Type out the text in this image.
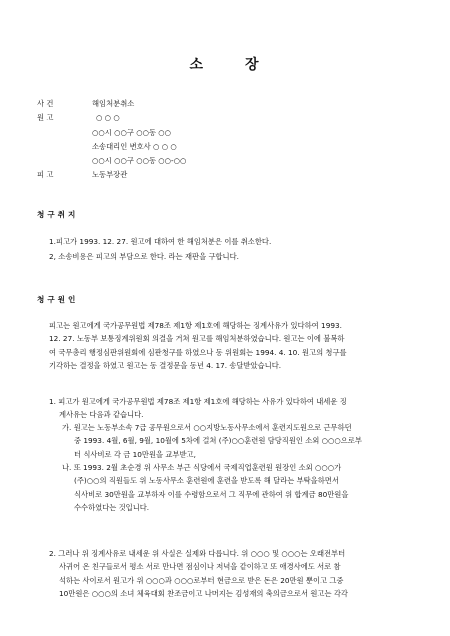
소	장
사 건	해임처분취소
원 고	○ ○ ○
○○시 ○○구 ○○동 ○○
소송대리인 변호사 ○ ○ ○
○○시 ○○구 ○○동 ○○-○○
피 고	노동부장관
청구취지
1.피고가 1993. 12. 27. 원고에 대하여 한 해임처분은 이를 취소한다.
2, 소송비용은 피고의 부담으로 한다. 라는 재판을 구합니다.
청구원인
피고는 원고에게 국가공무원법 제78조 제1항 제1호에 해당하는 징계사유가 있다하여 1993.
12. 27. 노동부 보통징계위원회 의결을 거쳐 원고를 해임처분하였습니다. 원고는 이에 불복하
여 국무총리 행정심판위원회에 심판청구를 하였으나 동 위원회는 1994. 4. 10. 원고의 청구를
기각하는 결정을 하였고 원고는 동 결정문을 동년 4. 17. 송달받았습니다.
1. 피고가 원고에게 국가공무원법 제78조 제1항 제1호에 해당하는 사유가 있다하여 내세운 징
계사유는 다음과 같습니다.
가. 원고는 노동부소속 7급 공무원으로서 ○○지방노동사무소에서 훈련지도원으로 근무하던
중 1993. 4월, 6월, 9월, 10월에 5차에 걸쳐 (주)○○훈련원 담당직원인 소외 ○○○으로부
터 식사비로 각 금 10만원을 교부받고,
나. 또 1993. 2월 초순경 위 사무소 부근 식당에서 국제직업훈련원 원장인 소외 ○○○가
(주)○○의 직원들도 위 노동사무소 훈련원에 훈련을 받도록 해 달라는 부탁을하면서
식사비로 30만원을 교부하자 이를 수령함으로서 그 직무에 관하여 위 합계금 80만원을
수수하였다는 것입니다.
2. 그러나 위 징계사유로 내세운 위 사실은 실제와 다릅니다. 위 ○○○ 및 ○○○는 오래전부터
사귀어 온 친구들로서 평소 서로 만나면 점심이나 저녁을 같이하고 또 애경사에도 서로 참
석하는 사이로서 원고가 위 ○○○과 ○○○로부터 현금으로 받은 돈은 20만원 뿐이고 그중
10만원은 ○○○의 소녀 체육대회 찬조금이고 나머지는 김성재의 축의금으로서 원고는 각각
